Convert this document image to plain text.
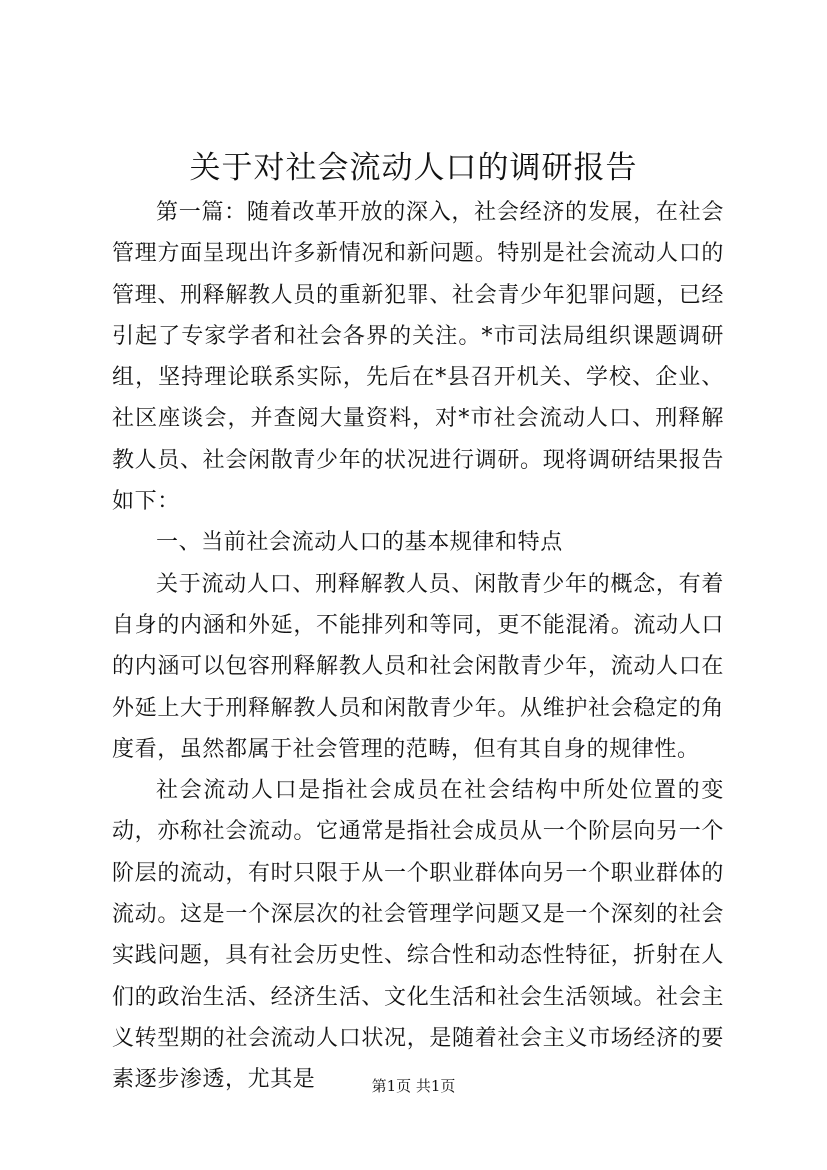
关于对社会流动人口的调研报告

第一篇：随着改革开放的深入，社会经济的发展，在社会管理方面呈现出许多新情况和新问题。特别是社会流动人口的管理、刑释解教人员的重新犯罪、社会青少年犯罪问题，已经引起了专家学者和社会各界的关注。*市司法局组织课题调研组，坚持理论联系实际，先后在*县召开机关、学校、企业、社区座谈会，并查阅大量资料，对*市社会流动人口、刑释解教人员、社会闲散青少年的状况进行调研。现将调研结果报告如下：

一、当前社会流动人口的基本规律和特点

关于流动人口、刑释解教人员、闲散青少年的概念，有着自身的内涵和外延，不能排列和等同，更不能混淆。流动人口的内涵可以包容刑释解教人员和社会闲散青少年，流动人口在外延上大于刑释解教人员和闲散青少年。从维护社会稳定的角度看，虽然都属于社会管理的范畴，但有其自身的规律性。

社会流动人口是指社会成员在社会结构中所处位置的变动，亦称社会流动。它通常是指社会成员从一个阶层向另一个阶层的流动，有时只限于从一个职业群体向另一个职业群体的流动。这是一个深层次的社会管理学问题又是一个深刻的社会实践问题，具有社会历史性、综合性和动态性特征，折射在人们的政治生活、经济生活、文化生活和社会生活领域。社会主义转型期的社会流动人口状况，是随着社会主义市场经济的要素逐步渗透，尤其是	第1页 共1页
